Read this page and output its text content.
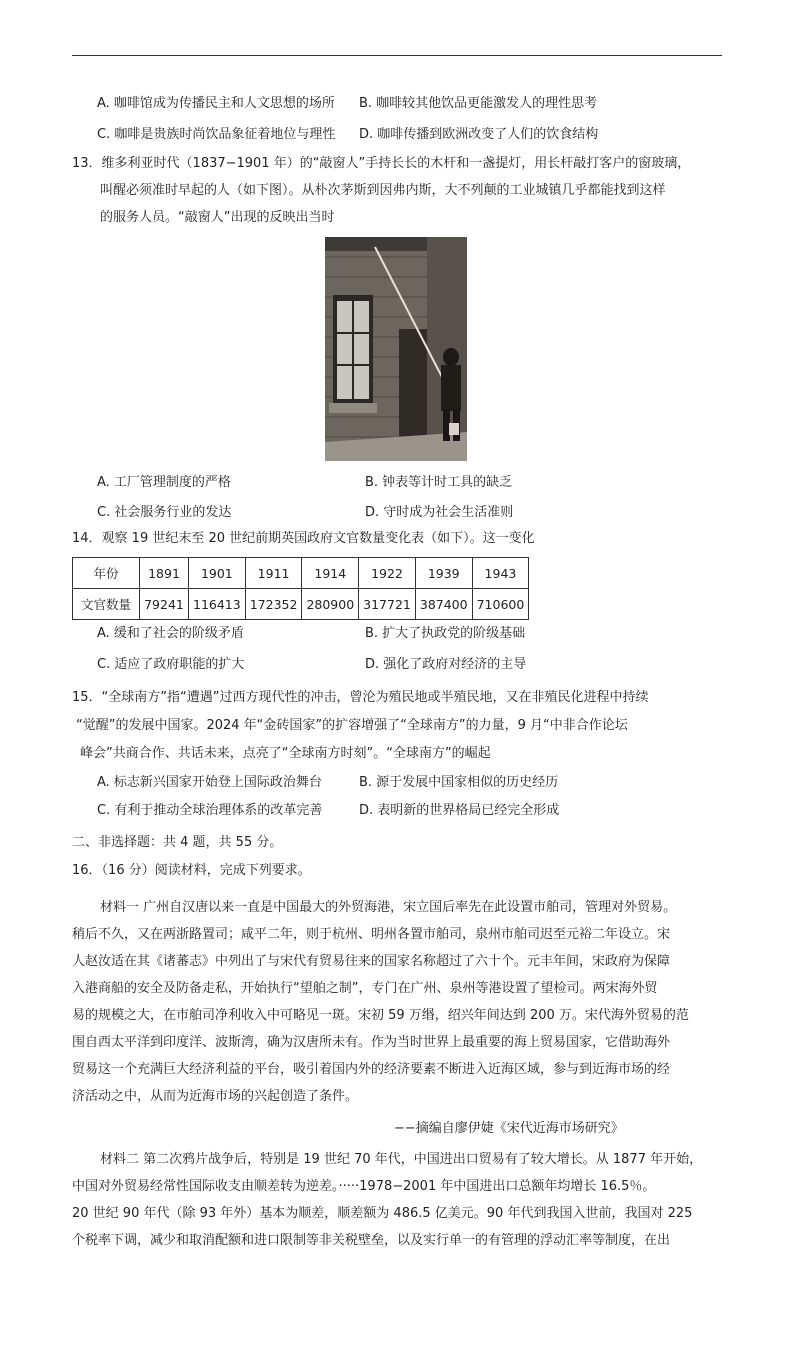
A. 咖啡馆成为传播民主和人文思想的场所 B. 咖啡较其他饮品更能激发人的理性思考
C. 咖啡是贵族时尚饮品象征着地位与理性 D. 咖啡传播到欧洲改变了人们的饮食结构
13．维多利亚时代（1837−1901 年）的“敲窗人”手持长长的木杆和一盏提灯，用长杆敲打客户的窗玻璃，
叫醒必须准时早起的人（如下图）。从朴次茅斯到因弗内斯，大不列颠的工业城镇几乎都能找到这样
的服务人员。“敲窗人”出现的反映出当时
A. 工厂管理制度的严格	B. 钟表等计时工具的缺乏
C. 社会服务行业的发达	D. 守时成为社会生活准则
14．观察 19 世纪末至 20 世纪前期英国政府文官数量变化表（如下）。这一变化
年份	1891	1901	1911	1914	1922	1939	1943
文官数量	79241	116413	172352	280900	317721	387400	710600
A. 缓和了社会的阶级矛盾	B. 扩大了执政党的阶级基础
C. 适应了政府职能的扩大	D. 强化了政府对经济的主导
15．“全球南方”指“遭遇”过西方现代性的冲击，曾沦为殖民地或半殖民地，又在非殖民化进程中持续
“觉醒”的发展中国家。2024 年“金砖国家”的扩容增强了“全球南方”的力量，9 月“中非合作论坛
峰会”共商合作、共话未来，点亮了“全球南方时刻”。“全球南方”的崛起
A. 标志新兴国家开始登上国际政治舞台	B. 源于发展中国家相似的历史经历
C. 有利于推动全球治理体系的改革完善	D. 表明新的世界格局已经完全形成
二、非选择题：共 4 题，共 55 分。
16．（16 分）阅读材料，完成下列要求。
材料一 广州自汉唐以来一直是中国最大的外贸海港，宋立国后率先在此设置市舶司，管理对外贸易。
稍后不久，又在两浙路置司；咸平二年，则于杭州、明州各置市舶司，泉州市舶司迟至元裕二年设立。宋
人赵汝适在其《诸蕃志》中列出了与宋代有贸易往来的国家名称超过了六十个。元丰年间，宋政府为保障
入港商船的安全及防备走私，开始执行“望舶之制”，专门在广州、泉州等港设置了望检司。两宋海外贸
易的规模之大，在市舶司净利收入中可略见一斑。宋初 59 万缗，绍兴年间达到 200 万。宋代海外贸易的范
围自西太平洋到印度洋、波斯湾，确为汉唐所未有。作为当时世界上最重要的海上贸易国家，它借助海外
贸易这一个充满巨大经济利益的平台，吸引着国内外的经济要素不断进入近海区域，参与到近海市场的经
济活动之中，从而为近海市场的兴起创造了条件。
−−摘编自廖伊婕《宋代近海市场研究》
材料二 第二次鸦片战争后，特别是 19 世纪 70 年代，中国进出口贸易有了较大增长。从 1877 年开始，
中国对外贸易经常性国际收支由顺差转为逆差。·····1978−2001 年中国进出口总额年均增长 16.5％。
20 世纪 90 年代（除 93 年外）基本为顺差，顺差额为 486.5 亿美元。90 年代到我国入世前，我国对 225
个税率下调，减少和取消配额和进口限制等非关税壁垒，以及实行单一的有管理的浮动汇率等制度，在出
